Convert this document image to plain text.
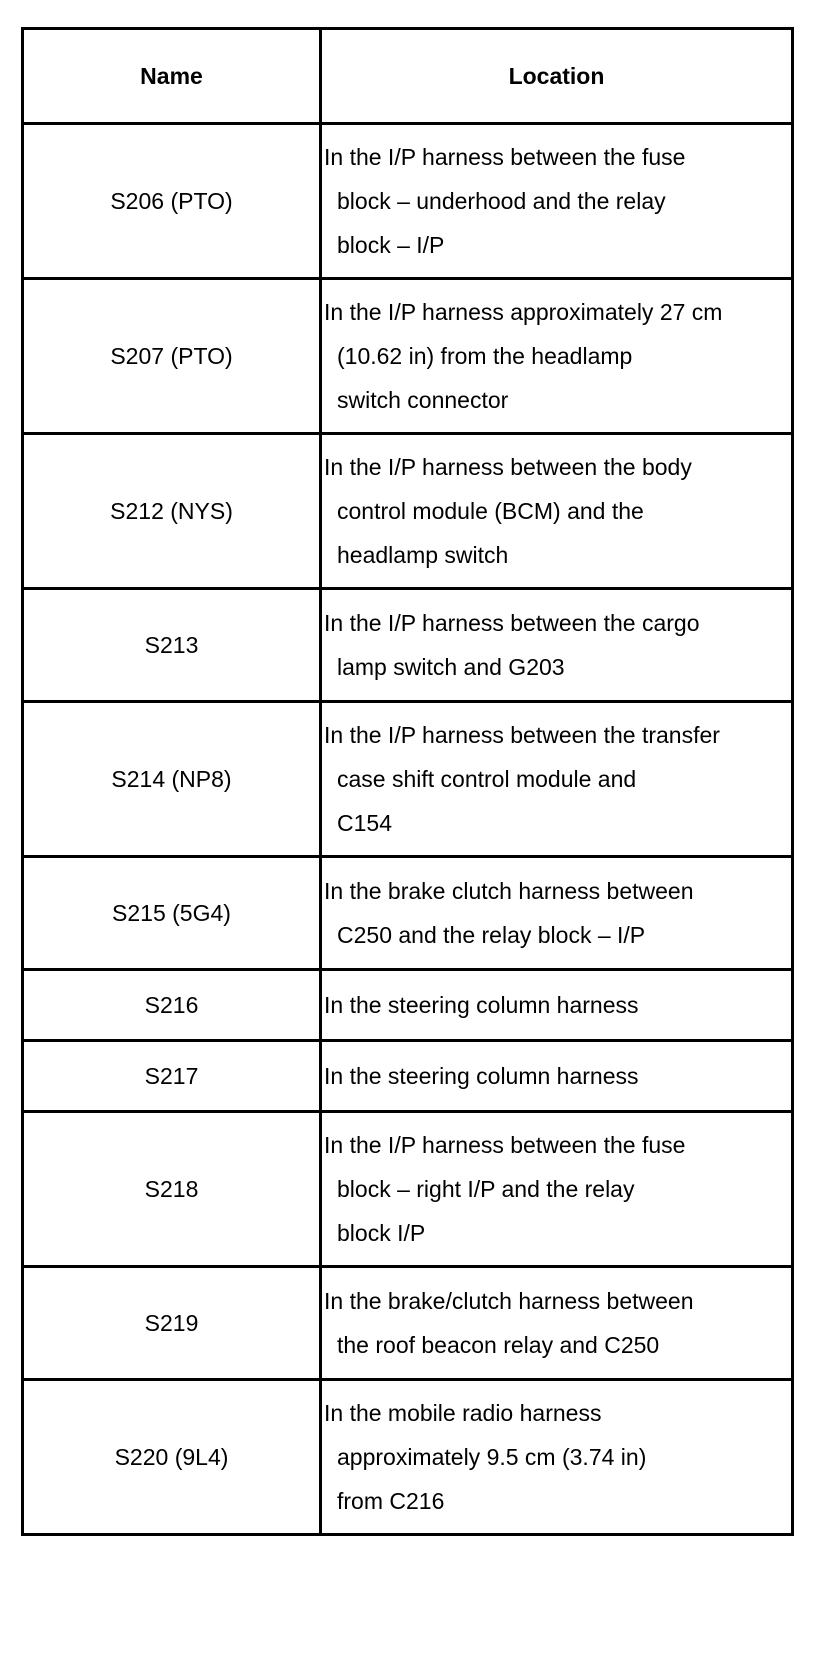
Name	Location
S206 (PTO)	In the I/P harness between the fuse
block – underhood and the relay
block – I/P

S207 (PTO)	In the I/P harness approximately 27 cm
(10.62 in) from the headlamp
switch connector

S212 (NYS)	In the I/P harness between the body
control module (BCM) and the
headlamp switch

S213	In the I/P harness between the cargo
lamp switch and G203

S214 (NP8)	In the I/P harness between the transfer
case shift control module and
C154

S215 (5G4)	In the brake clutch harness between
C250 and the relay block – I/P

S216	In the steering column harness

S217	In the steering column harness

S218	In the I/P harness between the fuse
block – right I/P and the relay
block I/P

S219	In the brake/clutch harness between
the roof beacon relay and C250

S220 (9L4)	In the mobile radio harness
approximately 9.5 cm (3.74 in)
from C216
